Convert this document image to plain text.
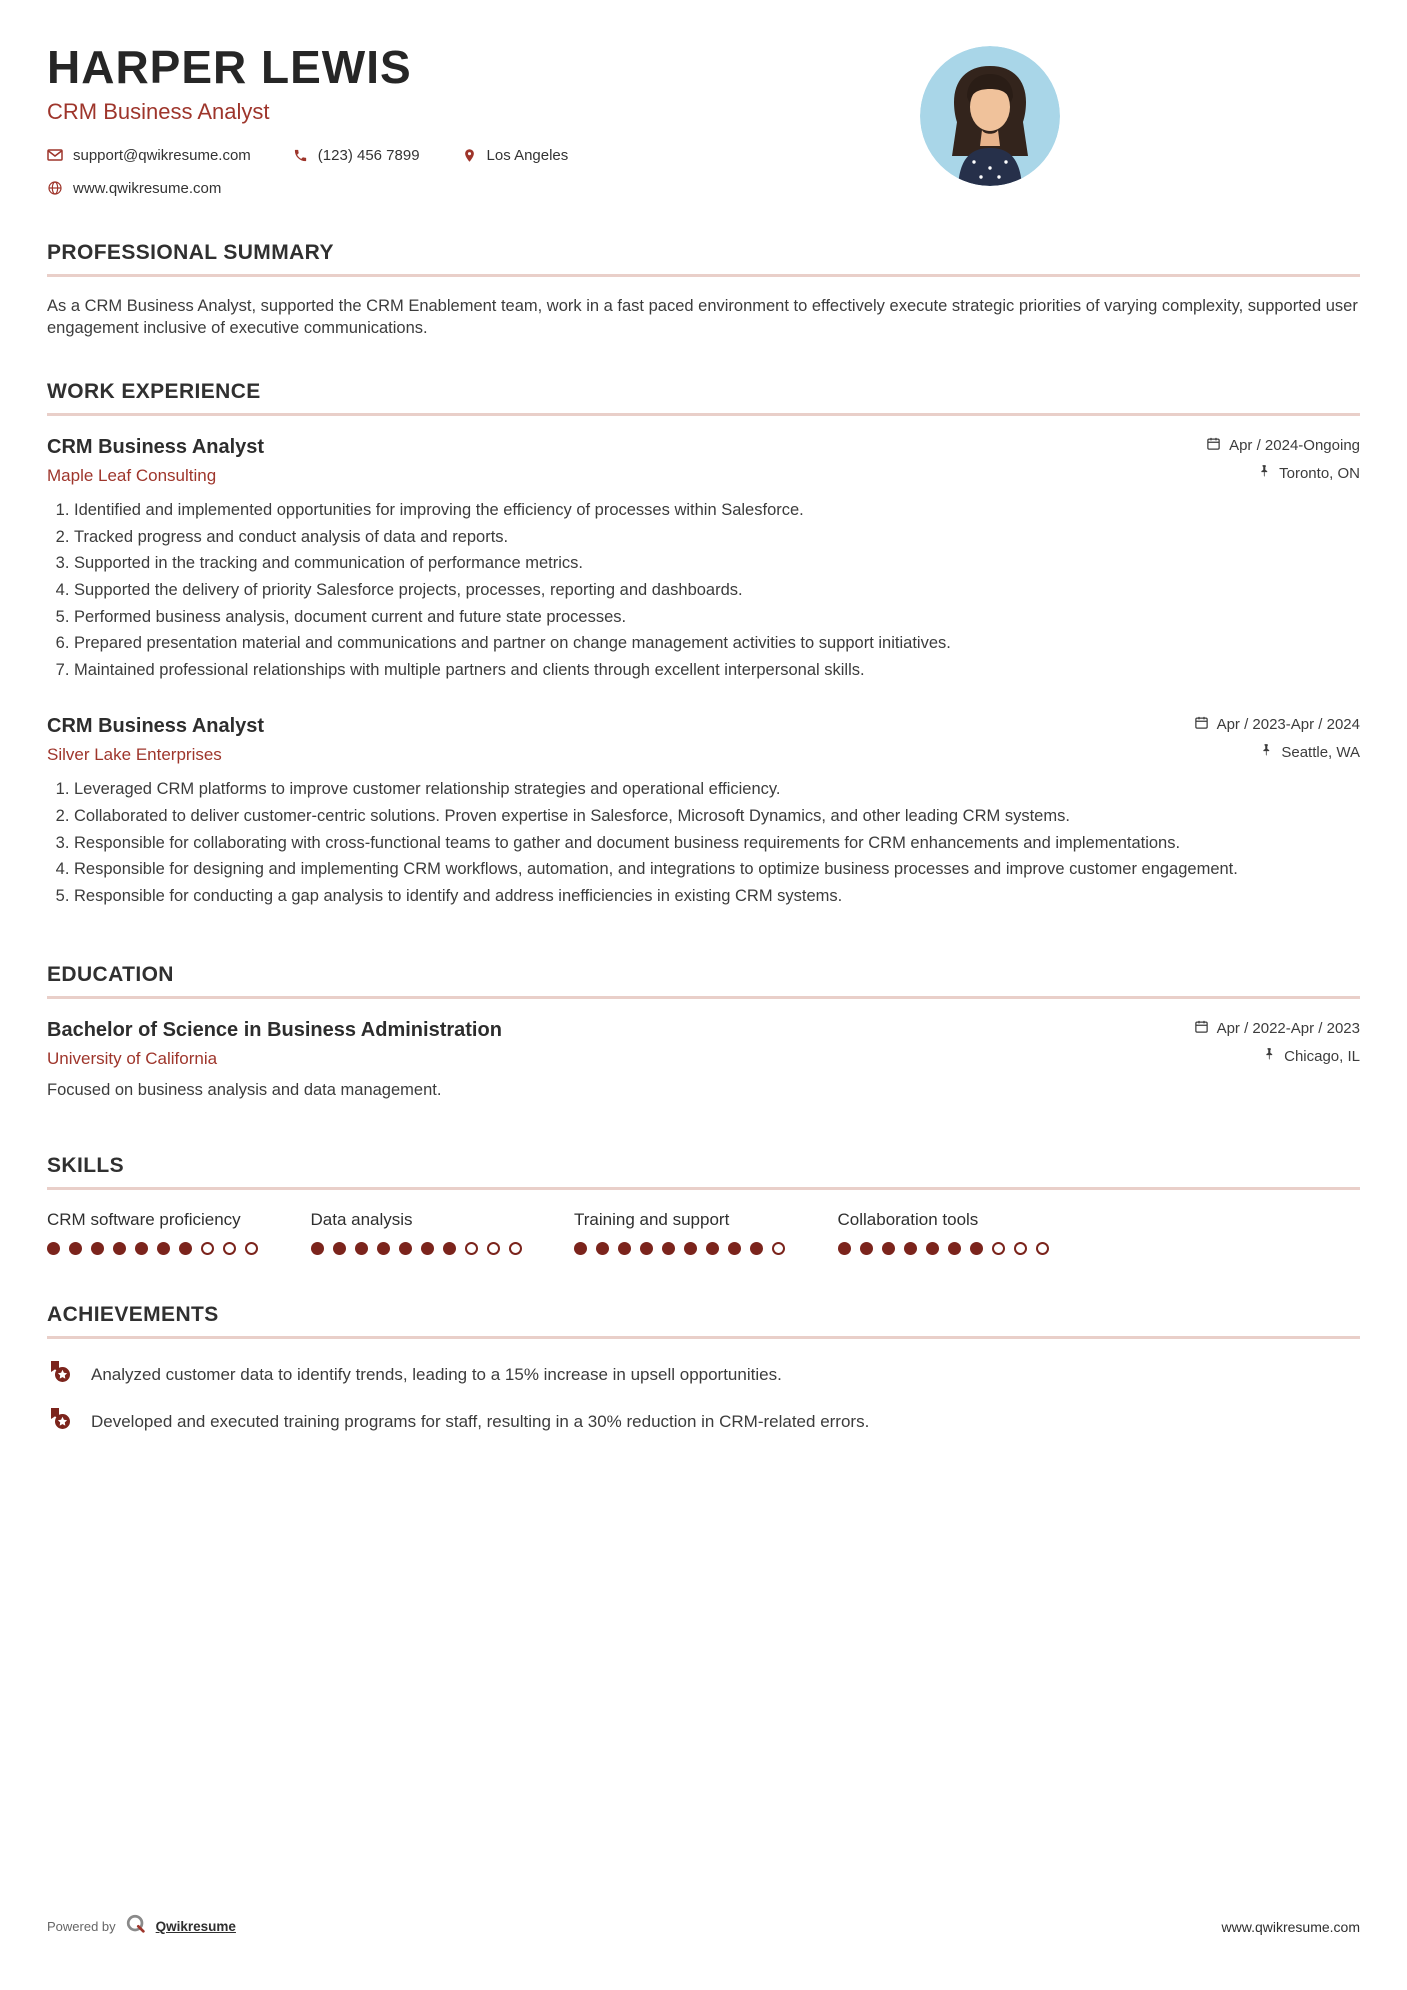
HARPER LEWIS
CRM Business Analyst
support@qwikresume.com	(123) 456 7899	Los Angeles
www.qwikresume.com
PROFESSIONAL SUMMARY

As a CRM Business Analyst, supported the CRM Enablement team, work in a fast paced environment to effectively execute strategic priorities of varying complexity, supported user engagement inclusive of executive communications.

WORK EXPERIENCE
CRM Business Analyst
Maple Leaf Consulting
Apr / 2024-Ongoing
Toronto, ON
1. Identified and implemented opportunities for improving the efficiency of processes within Salesforce.
2. Tracked progress and conduct analysis of data and reports.
3. Supported in the tracking and communication of performance metrics.
4. Supported the delivery of priority Salesforce projects, processes, reporting and dashboards.
5. Performed business analysis, document current and future state processes.
6. Prepared presentation material and communications and partner on change management activities to support initiatives.
7. Maintained professional relationships with multiple partners and clients through excellent interpersonal skills.
CRM Business Analyst
Silver Lake Enterprises
Apr / 2023-Apr / 2024
Seattle, WA
1. Leveraged CRM platforms to improve customer relationship strategies and operational efficiency.
2. Collaborated to deliver customer-centric solutions. Proven expertise in Salesforce, Microsoft Dynamics, and other leading CRM systems.
3. Responsible for collaborating with cross-functional teams to gather and document business requirements for CRM enhancements and implementations.
4. Responsible for designing and implementing CRM workflows, automation, and integrations to optimize business processes and improve customer engagement.
5. Responsible for conducting a gap analysis to identify and address inefficiencies in existing CRM systems.
EDUCATION
Bachelor of Science in Business Administration
University of California
Apr / 2022-Apr / 2023
Chicago, IL

Focused on business analysis and data management.

SKILLS
CRM software proficiency	Data analysis	Training and support	Collaboration tools
ACHIEVEMENTS
Analyzed customer data to identify trends, leading to a 15% increase in upsell opportunities.
Developed and executed training programs for staff, resulting in a 30% reduction in CRM-related errors.
Powered by	Qwikresume	www.qwikresume.com
